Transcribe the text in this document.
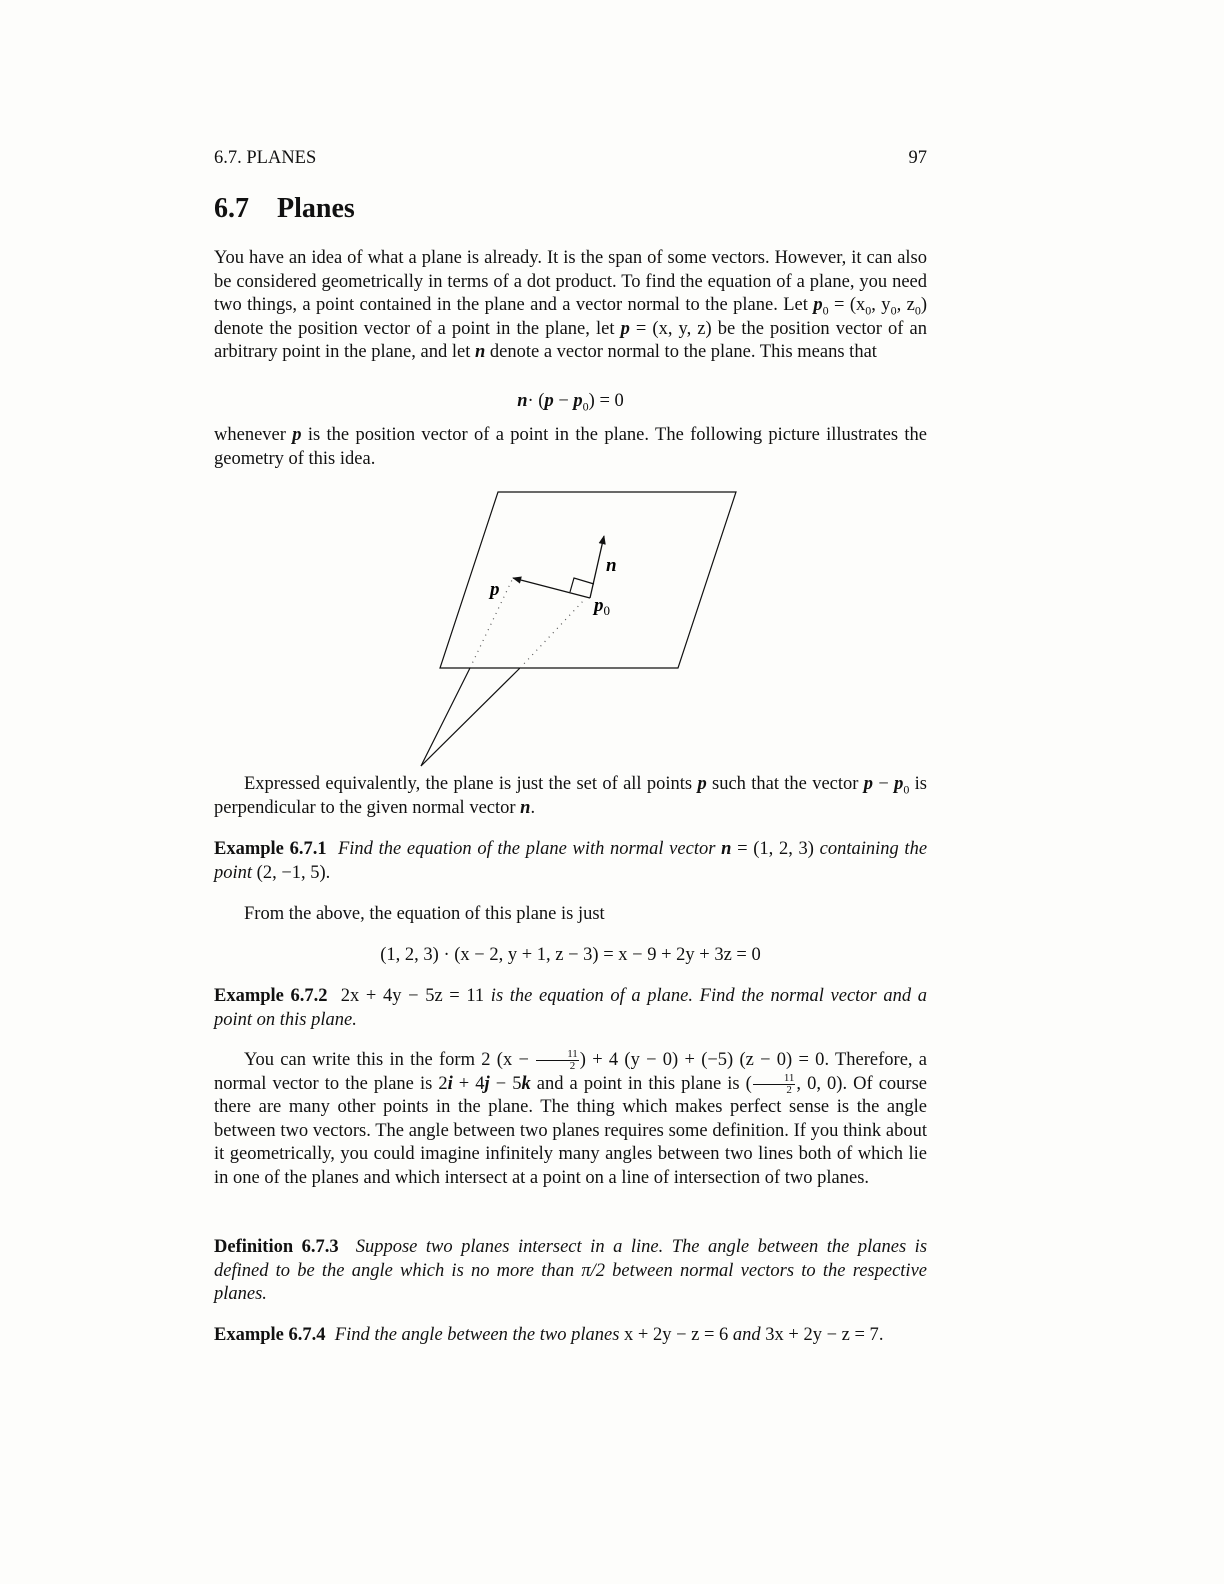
6.7. PLANES	97
6.7 Planes
You have an idea of what a plane is already. It is the span of some vectors. However, it can also be considered geometrically in terms of a dot product. To find the equation of a plane, you need two things, a point contained in the plane and a vector normal to the plane. Let $p_0 = (x_0$, $y_0$, $z_0$) denote the position vector of a point in the plane, let p = (x, y, z) be the position vector of an arbitrary point in the plane, and let n denote a vector normal to the plane. This means that
$n\cdot (p - p_0) = 0$
whenever p is the position vector of a point in the plane. The following picture illustrates the geometry of this idea.
n
p
$p_0$
Expressed equivalently, the plane is just the set of all points p such that the vector $p - p_0$ is perpendicular to the given normal vector n.
Example 6.7.1 Find the equation of the plane with normal vector n = (1, 2, 3) containing the point (2, −1, 5).
From the above, the equation of this plane is just
(1, 2, 3) · (x − 2, y + 1, z − 3) = x − 9 + 2y + 3z = 0
Example 6.7.2 2x + 4y − 5z = 11 is the equation of a plane. Find the normal vector and a point on this plane.
You can write this in the form 2 ($x - \frac{11}{2}$ ) + 4 (y − 0) + (−5) (z − 0) = 0. Therefore, a normal vector to the plane is 2i + 4j − 5k and a point in this plane is ( $\frac{11}{2}$ , 0, 0). Of course there are many other points in the plane. The thing which makes perfect sense is the angle between two vectors. The angle between two planes requires some definition. If you think about it geometrically, you could imagine infinitely many angles between two lines both of which lie in one of the planes and which intersect at a point on a line of intersection of two planes.
Definition 6.7.3 Suppose two planes intersect in a line. The angle between the planes is defined to be the angle which is no more than π/2 between normal vectors to the respective planes.
Example 6.7.4 Find the angle between the two planes x + 2y − z = 6 and 3x + 2y − z = 7.
